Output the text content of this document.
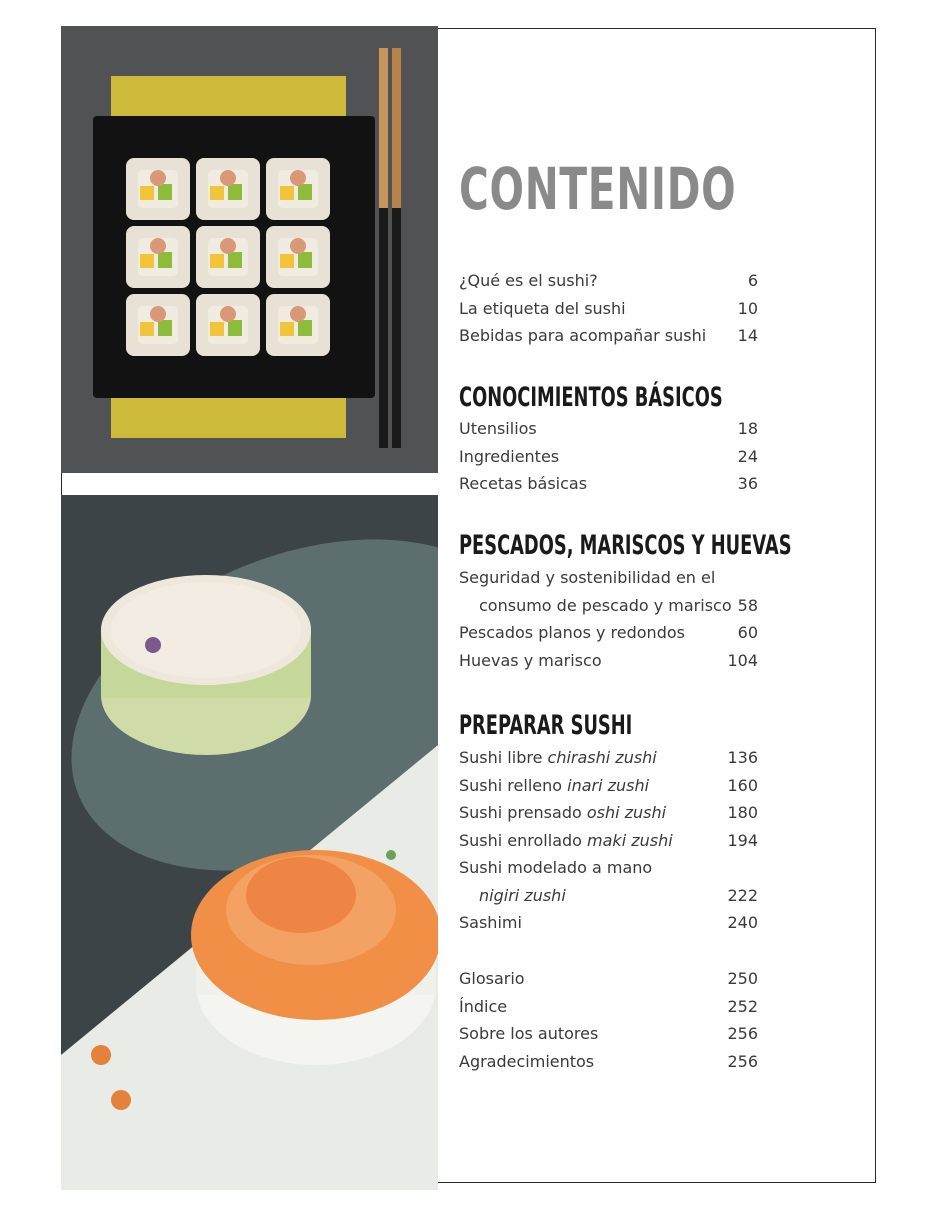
CONTENIDO
¿Qué es el sushi?	6
La etiqueta del sushi	10
Bebidas para acompañar sushi 14
CONOCIMIENTOS BÁSICOS
Utensilios	18
Ingredientes	24
Recetas básicas	36
PESCADOS, MARISCOS Y HUEVAS
Seguridad y sostenibilidad en el
consumo de pescado y marisco 58
Pescados planos y redondos	60
Huevas y marisco	104
PREPARAR SUSHI
Sushi libre chirashi zushi	136
Sushi relleno inari zushi	160
Sushi prensado oshi zushi	180
Sushi enrollado maki zushi	194
Sushi modelado a mano
nigiri zushi	222
Sashimi	240
Glosario	250
Índice	252
Sobre los autores	256
Agradecimientos	256
